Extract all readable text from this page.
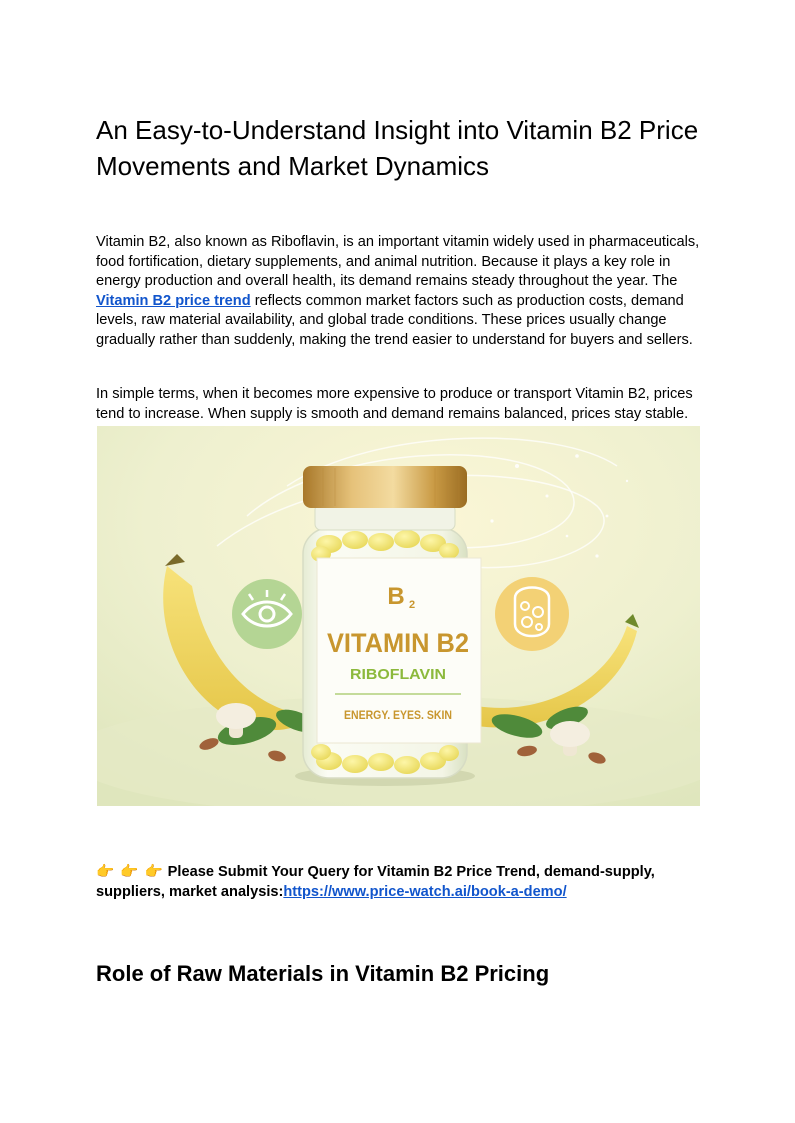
An Easy-to-Understand Insight into Vitamin B2 Price Movements and Market Dynamics

Vitamin B2, also known as Riboflavin, is an important vitamin widely used in pharmaceuticals, food fortification, dietary supplements, and animal nutrition. Because it plays a key role in energy production and overall health, its demand remains steady throughout the year. The Vitamin B2 price trend reflects common market factors such as production costs, demand levels, raw material availability, and global trade conditions. These prices usually change gradually rather than suddenly, making the trend easier to understand for buyers and sellers.

In simple terms, when it becomes more expensive to produce or transport Vitamin B2, prices tend to increase. When supply is smooth and demand remains balanced, prices stay stable.

B 2
VITAMIN B2
RIBOFLAVIN
ENERGY. EYES. SKIN

👉 👉 👉 Please Submit Your Query for Vitamin B2 Price Trend, demand-supply, suppliers, market analysis:https://www.price-watch.ai/book-a-demo/

Role of Raw Materials in Vitamin B2 Pricing
